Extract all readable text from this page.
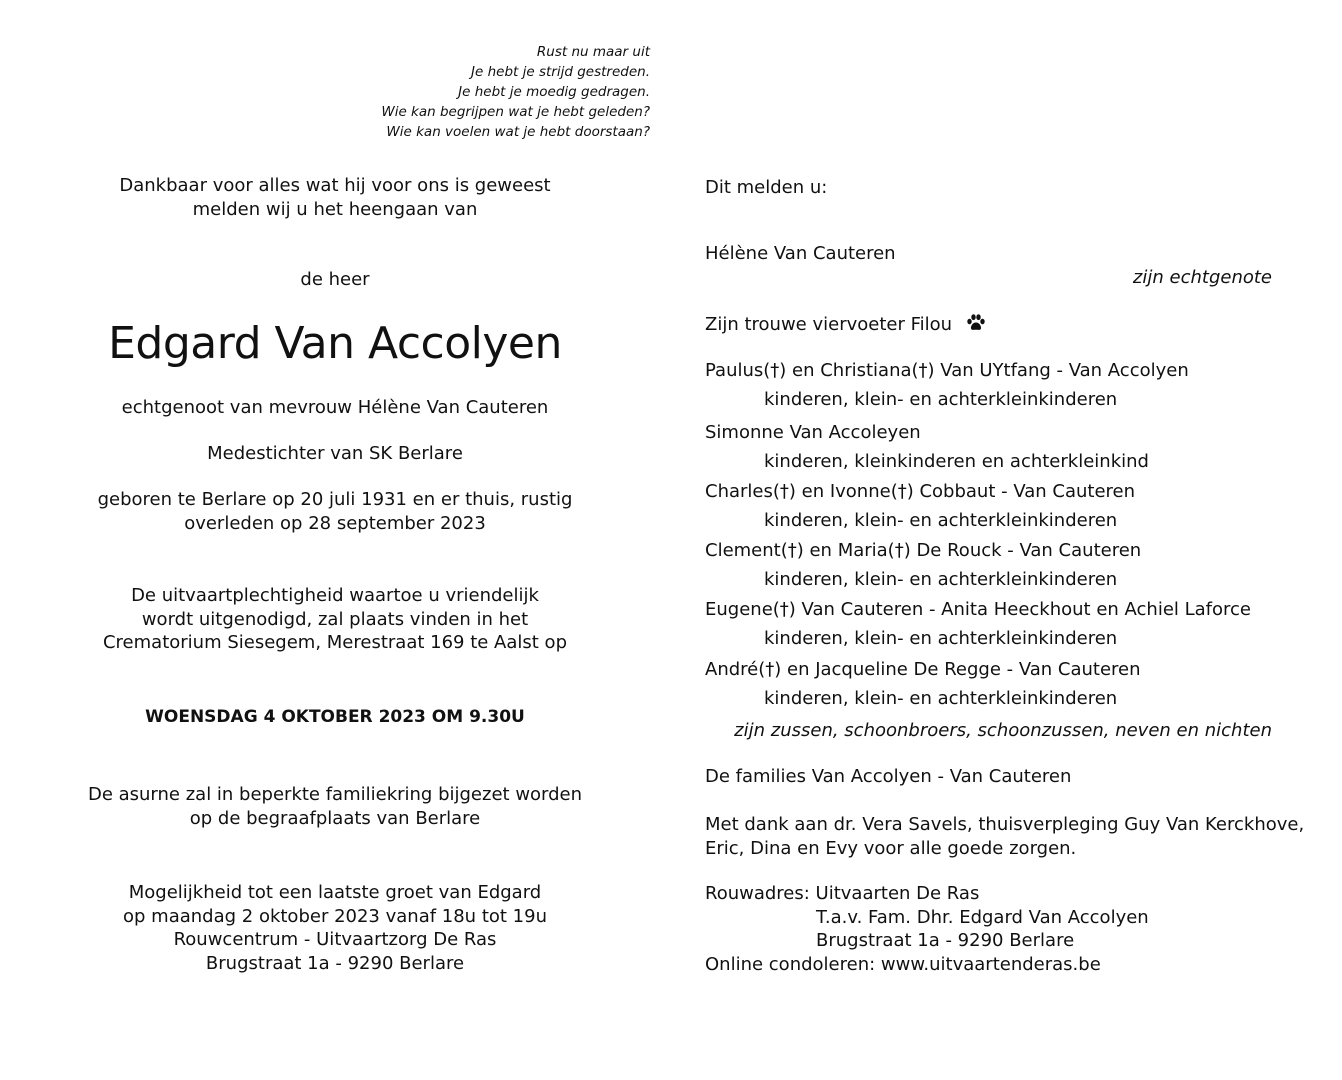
Rust nu maar uit
Je hebt je strijd gestreden.
Je hebt je moedig gedragen.
Wie kan begrijpen wat je hebt geleden?
Wie kan voelen wat je hebt doorstaan?
Dankbaar voor alles wat hij voor ons is geweest
melden wij u het heengaan van
de heer
Edgard Van Accolyen
echtgenoot van mevrouw Hélène Van Cauteren
Medestichter van SK Berlare
geboren te Berlare op 20 juli 1931 en er thuis, rustig
overleden op 28 september 2023
De uitvaartplechtigheid waartoe u vriendelijk
wordt uitgenodigd, zal plaats vinden in het
Crematorium Siesegem, Merestraat 169 te Aalst op
WOENSDAG 4 OKTOBER 2023 OM 9.30U
De asurne zal in beperkte familiekring bijgezet worden
op de begraafplaats van Berlare
Mogelijkheid tot een laatste groet van Edgard
op maandag 2 oktober 2023 vanaf 18u tot 19u
Rouwcentrum - Uitvaartzorg De Ras
Brugstraat 1a - 9290 Berlare
Dit melden u:
Hélène Van Cauteren
zijn echtgenote
Zijn trouwe viervoeter Filou
Paulus(†) en Christiana(†) Van UYtfang - Van Accolyen
kinderen, klein- en achterkleinkinderen
Simonne Van Accoleyen
kinderen, kleinkinderen en achterkleinkind
Charles(†) en Ivonne(†) Cobbaut - Van Cauteren
kinderen, klein- en achterkleinkinderen
Clement(†) en Maria(†) De Rouck - Van Cauteren
kinderen, klein- en achterkleinkinderen
Eugene(†) Van Cauteren - Anita Heeckhout en Achiel Laforce
kinderen, klein- en achterkleinkinderen
André(†) en Jacqueline De Regge - Van Cauteren
kinderen, klein- en achterkleinkinderen
zijn zussen, schoonbroers, schoonzussen, neven en nichten
De families Van Accolyen - Van Cauteren
Met dank aan dr. Vera Savels, thuisverpleging Guy Van Kerckhove,
Eric, Dina en Evy voor alle goede zorgen.
Rouwadres: Uitvaarten De Ras
T.a.v. Fam. Dhr. Edgard Van Accolyen
Brugstraat 1a - 9290 Berlare
Online condoleren: www.uitvaartenderas.be
